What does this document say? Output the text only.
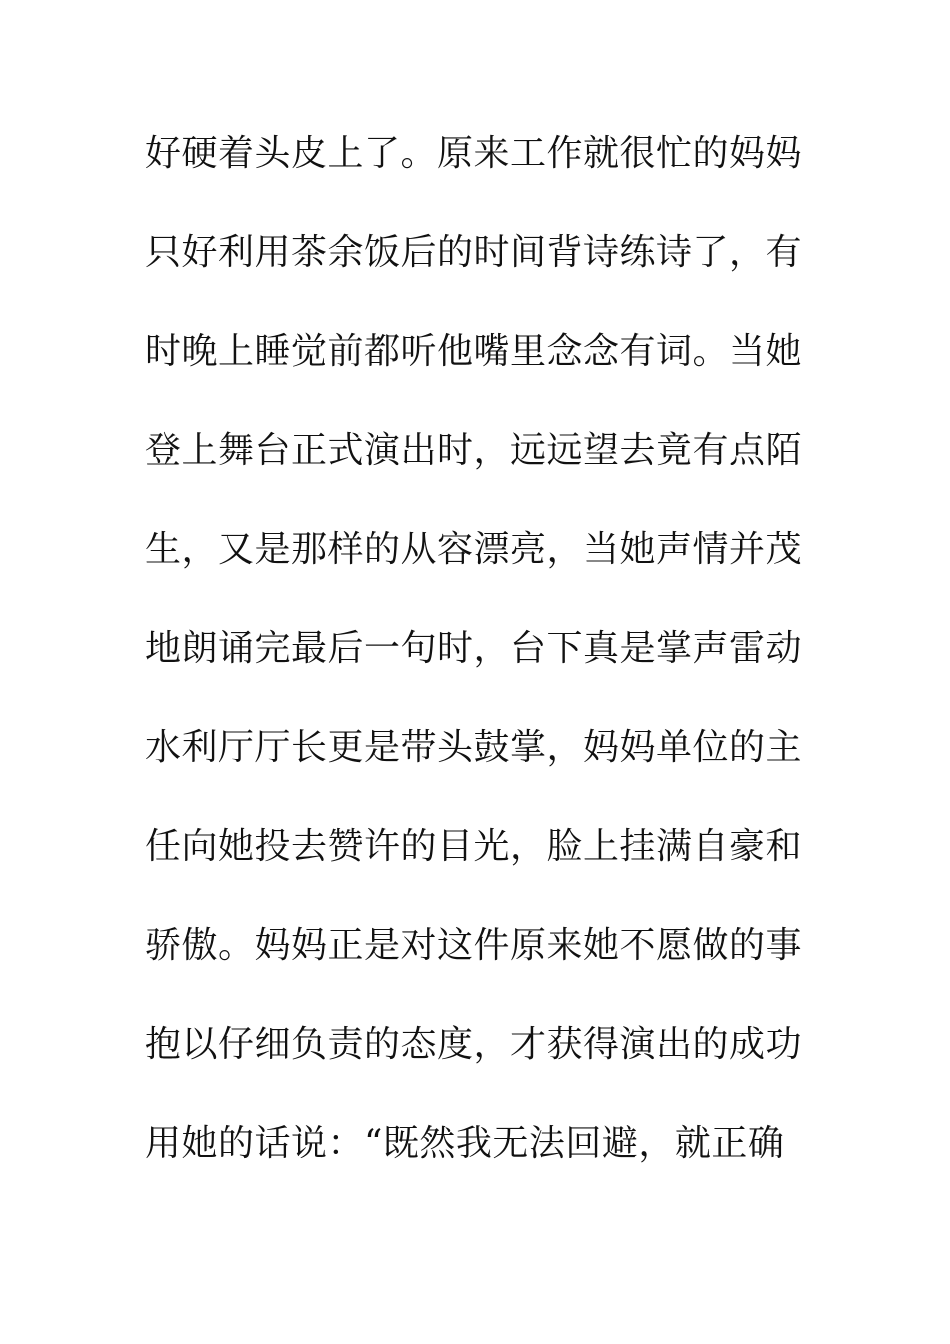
好硬着头皮上了。原来工作就很忙的妈妈
只好利用茶余饭后的时间背诗练诗了，有
时晚上睡觉前都听他嘴里念念有词。当她
登上舞台正式演出时，远远望去竟有点陌
生，又是那样的从容漂亮，当她声情并茂
地朗诵完最后一句时，台下真是掌声雷动
水利厅厅长更是带头鼓掌，妈妈单位的主
任向她投去赞许的目光，脸上挂满自豪和
骄傲。妈妈正是对这件原来她不愿做的事
抱以仔细负责的态度，才获得演出的成功
用她的话说：“既然我无法回避，就正确
